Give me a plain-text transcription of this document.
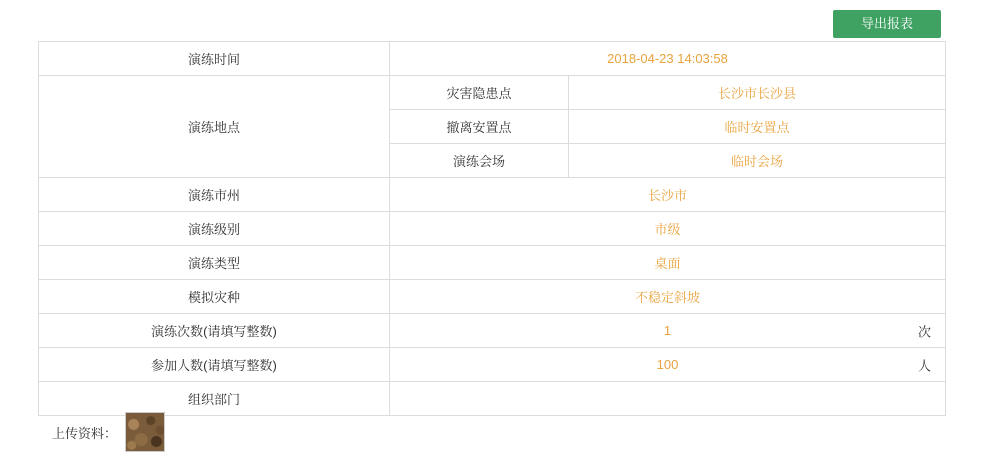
导出报表
演练时间	2018-04-23 14:03:58
演练地点	
灾害隐患点	长沙市长沙县
撤离安置点	临时安置点
演练会场	临时会场

演练市州	长沙市
演练级别	市级
演练类型	桌面
模拟灾种	不稳定斜坡
演练次数(请填写整数)	1	次

参加人数(请填写整数)	100	人

组织部门	
上传资料：
